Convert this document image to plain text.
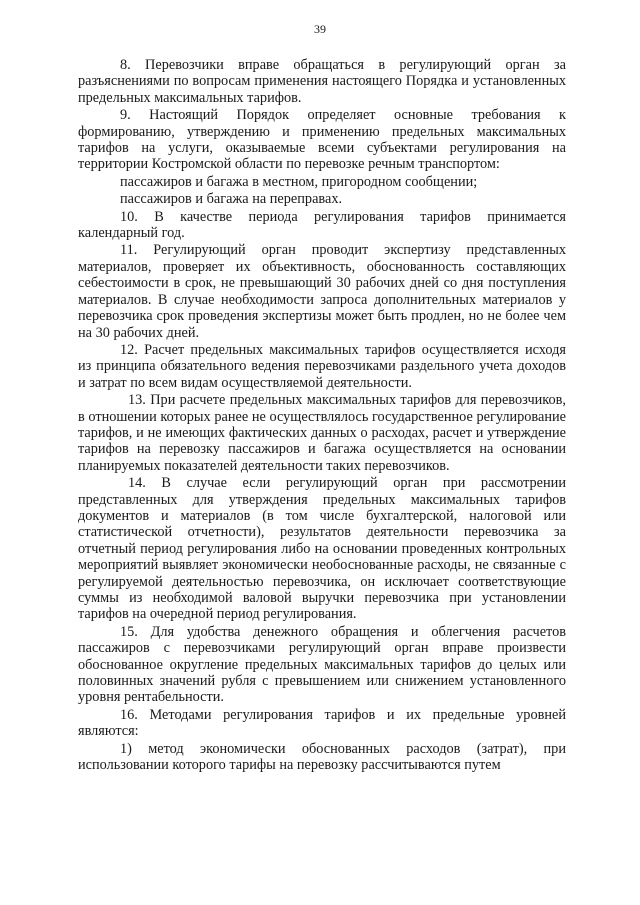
39

8. Перевозчики вправе обращаться в регулирующий орган за разъяснениями по вопросам применения настоящего Порядка и установленных предельных максимальных тарифов.

9. Настоящий Порядок определяет основные требования к формированию, утверждению и применению предельных максимальных тарифов на услуги, оказываемые всеми субъектами регулирования на территории Костромской области по перевозке речным транспортом:

пассажиров и багажа в местном, пригородном сообщении;

пассажиров и багажа на переправах.

10. В качестве периода регулирования тарифов принимается календарный год.

11. Регулирующий орган проводит экспертизу представленных материалов, проверяет их объективность, обоснованность составляющих себестоимости в срок, не превышающий 30 рабочих дней со дня поступления материалов. В случае необходимости запроса дополнительных материалов у перевозчика срок проведения экспертизы может быть продлен, но не более чем на 30 рабочих дней.

12. Расчет предельных максимальных тарифов осуществляется исходя из принципа обязательного ведения перевозчиками раздельного учета доходов и затрат по всем видам осуществляемой деятельности.

13. При расчете предельных максимальных тарифов для перевозчиков, в отношении которых ранее не осуществлялось государственное регулирование тарифов, и не имеющих фактических данных о расходах, расчет и утверждение тарифов на перевозку пассажиров и багажа осуществляется на основании планируемых показателей деятельности таких перевозчиков.

14. В случае если регулирующий орган при рассмотрении представленных для утверждения предельных максимальных тарифов документов и материалов (в том числе бухгалтерской, налоговой или статистической отчетности), результатов деятельности перевозчика за отчетный период регулирования либо на основании проведенных контрольных мероприятий выявляет экономически необоснованные расходы, не связанные с регулируемой деятельностью перевозчика, он исключает соответствующие суммы из необходимой валовой выручки перевозчика при установлении тарифов на очередной период регулирования.

15. Для удобства денежного обращения и облегчения расчетов пассажиров с перевозчиками регулирующий орган вправе произвести обоснованное округление предельных максимальных тарифов до целых или половинных значений рубля с превышением или снижением установленного уровня рентабельности.

16. Методами регулирования тарифов и их предельные уровней являются:

1) метод экономически обоснованных расходов (затрат), при использовании которого тарифы на перевозку рассчитываются путем
